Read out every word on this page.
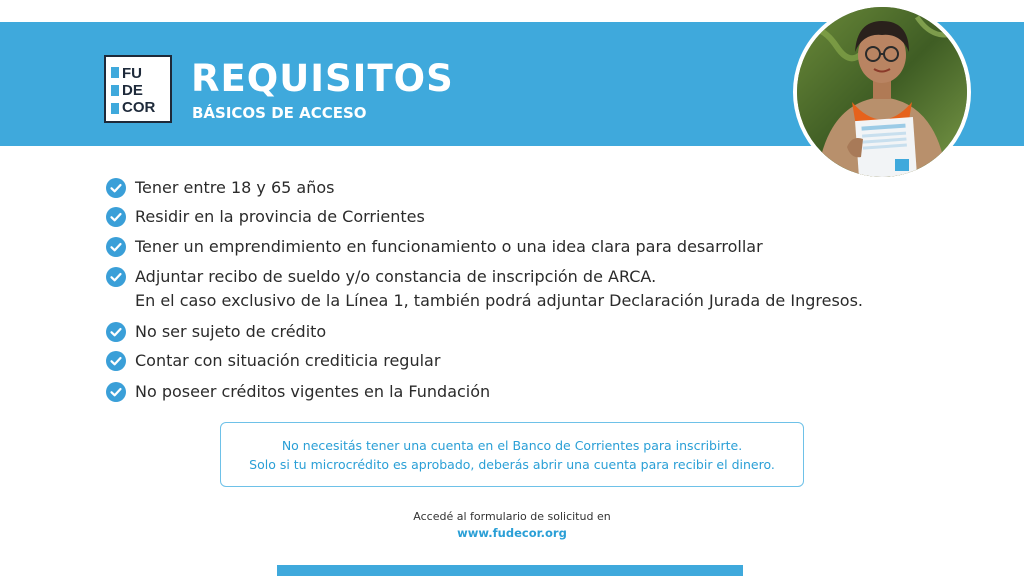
FU
DE
COR
REQUISITOS
BÁSICOS DE ACCESO
Tener entre 18 y 65 años
Residir en la provincia de Corrientes
Tener un emprendimiento en funcionamiento o una idea clara para desarrollar
Adjuntar recibo de sueldo y/o constancia de inscripción de ARCA.
En el caso exclusivo de la Línea 1, también podrá adjuntar Declaración Jurada de Ingresos.
No ser sujeto de crédito
Contar con situación crediticia regular
No poseer créditos vigentes en la Fundación
No necesitás tener una cuenta en el Banco de Corrientes para inscribirte.
Solo si tu microcrédito es aprobado, deberás abrir una cuenta para recibir el dinero.
Accedé al formulario de solicitud en
www.fudecor.org
